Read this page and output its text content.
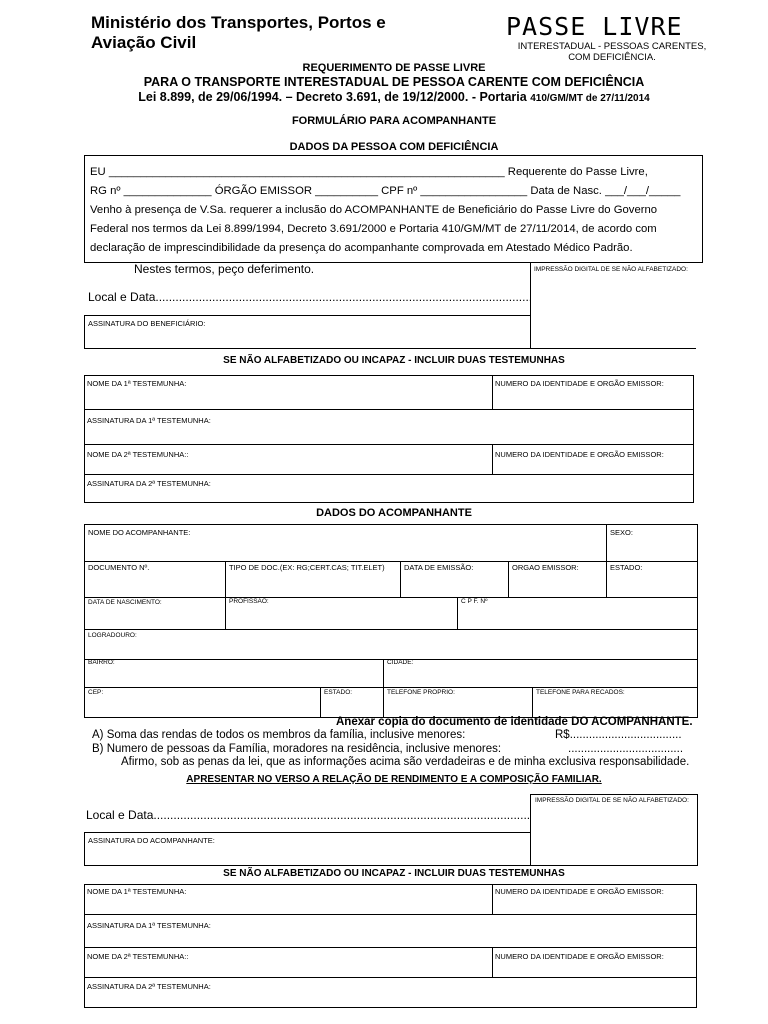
Ministério dos Transportes, Portos e Aviação Civil
PASSE LIVRE
INTERESTADUAL - PESSOAS CARENTES, COM DEFICIÊNCIA.
REQUERIMENTO DE PASSE LIVRE
PARA O TRANSPORTE INTERESTADUAL DE PESSOA CARENTE COM DEFICIÊNCIA
Lei 8.899, de 29/06/1994. – Decreto 3.691, de 19/12/2000. - Portaria 410/GM/MT de 27/11/2014
FORMULÁRIO PARA ACOMPANHANTE
DADOS DA PESSOA COM DEFICIÊNCIA
EU _______________________________________________________________ Requerente do Passe Livre,
RG nº ______________ ÓRGÃO EMISSOR __________ CPF nº _________________ Data de Nasc. ___/___/_____
Venho à presença de V.Sa. requerer a inclusão do ACOMPANHANTE de Beneficiário do Passe Livre do Governo
Federal nos termos da Lei 8.899/1994, Decreto 3.691/2000 e Portaria 410/GM/MT de 27/11/2014, de acordo com
declaração de imprescindibilidade da presença do acompanhante comprovada em Atestado Médico Padrão.
Nestes termos, peço deferimento.
Local e Data.................................................................................................................
IMPRESSÃO DIGITAL DE SE NÃO ALFABETIZADO:
ASSINATURA DO BENEFICIÁRIO:
SE NÃO ALFABETIZADO OU INCAPAZ - INCLUIR DUAS TESTEMUNHAS
NOME DA 1ª TESTEMUNHA:	NUMERO DA IDENTIDADE E ORGÃO EMISSOR:
ASSINATURA DA 1ª TESTEMUNHA:
NOME DA 2ª TESTEMUNHA::	NUMERO DA IDENTIDADE E ORGÃO EMISSOR:
ASSINATURA DA 2ª TESTEMUNHA:
DADOS DO ACOMPANHANTE
NOME DO ACOMPANHANTE:	SEXO:
DOCUMENTO Nº.	TIPO DE DOC.(EX: RG;CERT.CAS; TIT.ELET)	DATA DE EMISSÃO:	ORGAO EMISSOR:	ESTADO:
DATA DE NASCIMENTO:	PROFISSÃO:	C P F. Nº
LOGRADOURO:
BAIRRO:	CIDADE:
CEP:	ESTADO:	TELEFONE PROPRIO:	TELEFONE PARA RECADOS:
Anexar copia do documento de identidade DO ACOMPANHANTE.
A) Soma das rendas de todos os membros da família, inclusive menores:	R$...................................
B) Numero de pessoas da Família, moradores na residência, inclusive menores:	....................................
Afirmo, sob as penas da lei, que as informações acima são verdadeiras e de minha exclusiva responsabilidade.
APRESENTAR NO VERSO A RELAÇÃO DE RENDIMENTO E A COMPOSIÇÃO FAMILIAR.
IMPRESSÃO DIGITAL DE SE NÃO ALFABETIZADO:
Local e Data.................................................................................................................
ASSINATURA DO ACOMPANHANTE:
SE NÃO ALFABETIZADO OU INCAPAZ - INCLUIR DUAS TESTEMUNHAS
NOME DA 1ª TESTEMUNHA:	NUMERO DA IDENTIDADE E ORGÃO EMISSOR:
ASSINATURA DA 1ª TESTEMUNHA:
NOME DA 2ª TESTEMUNHA::	NUMERO DA IDENTIDADE E ORGÃO EMISSOR:
ASSINATURA DA 2ª TESTEMUNHA:
